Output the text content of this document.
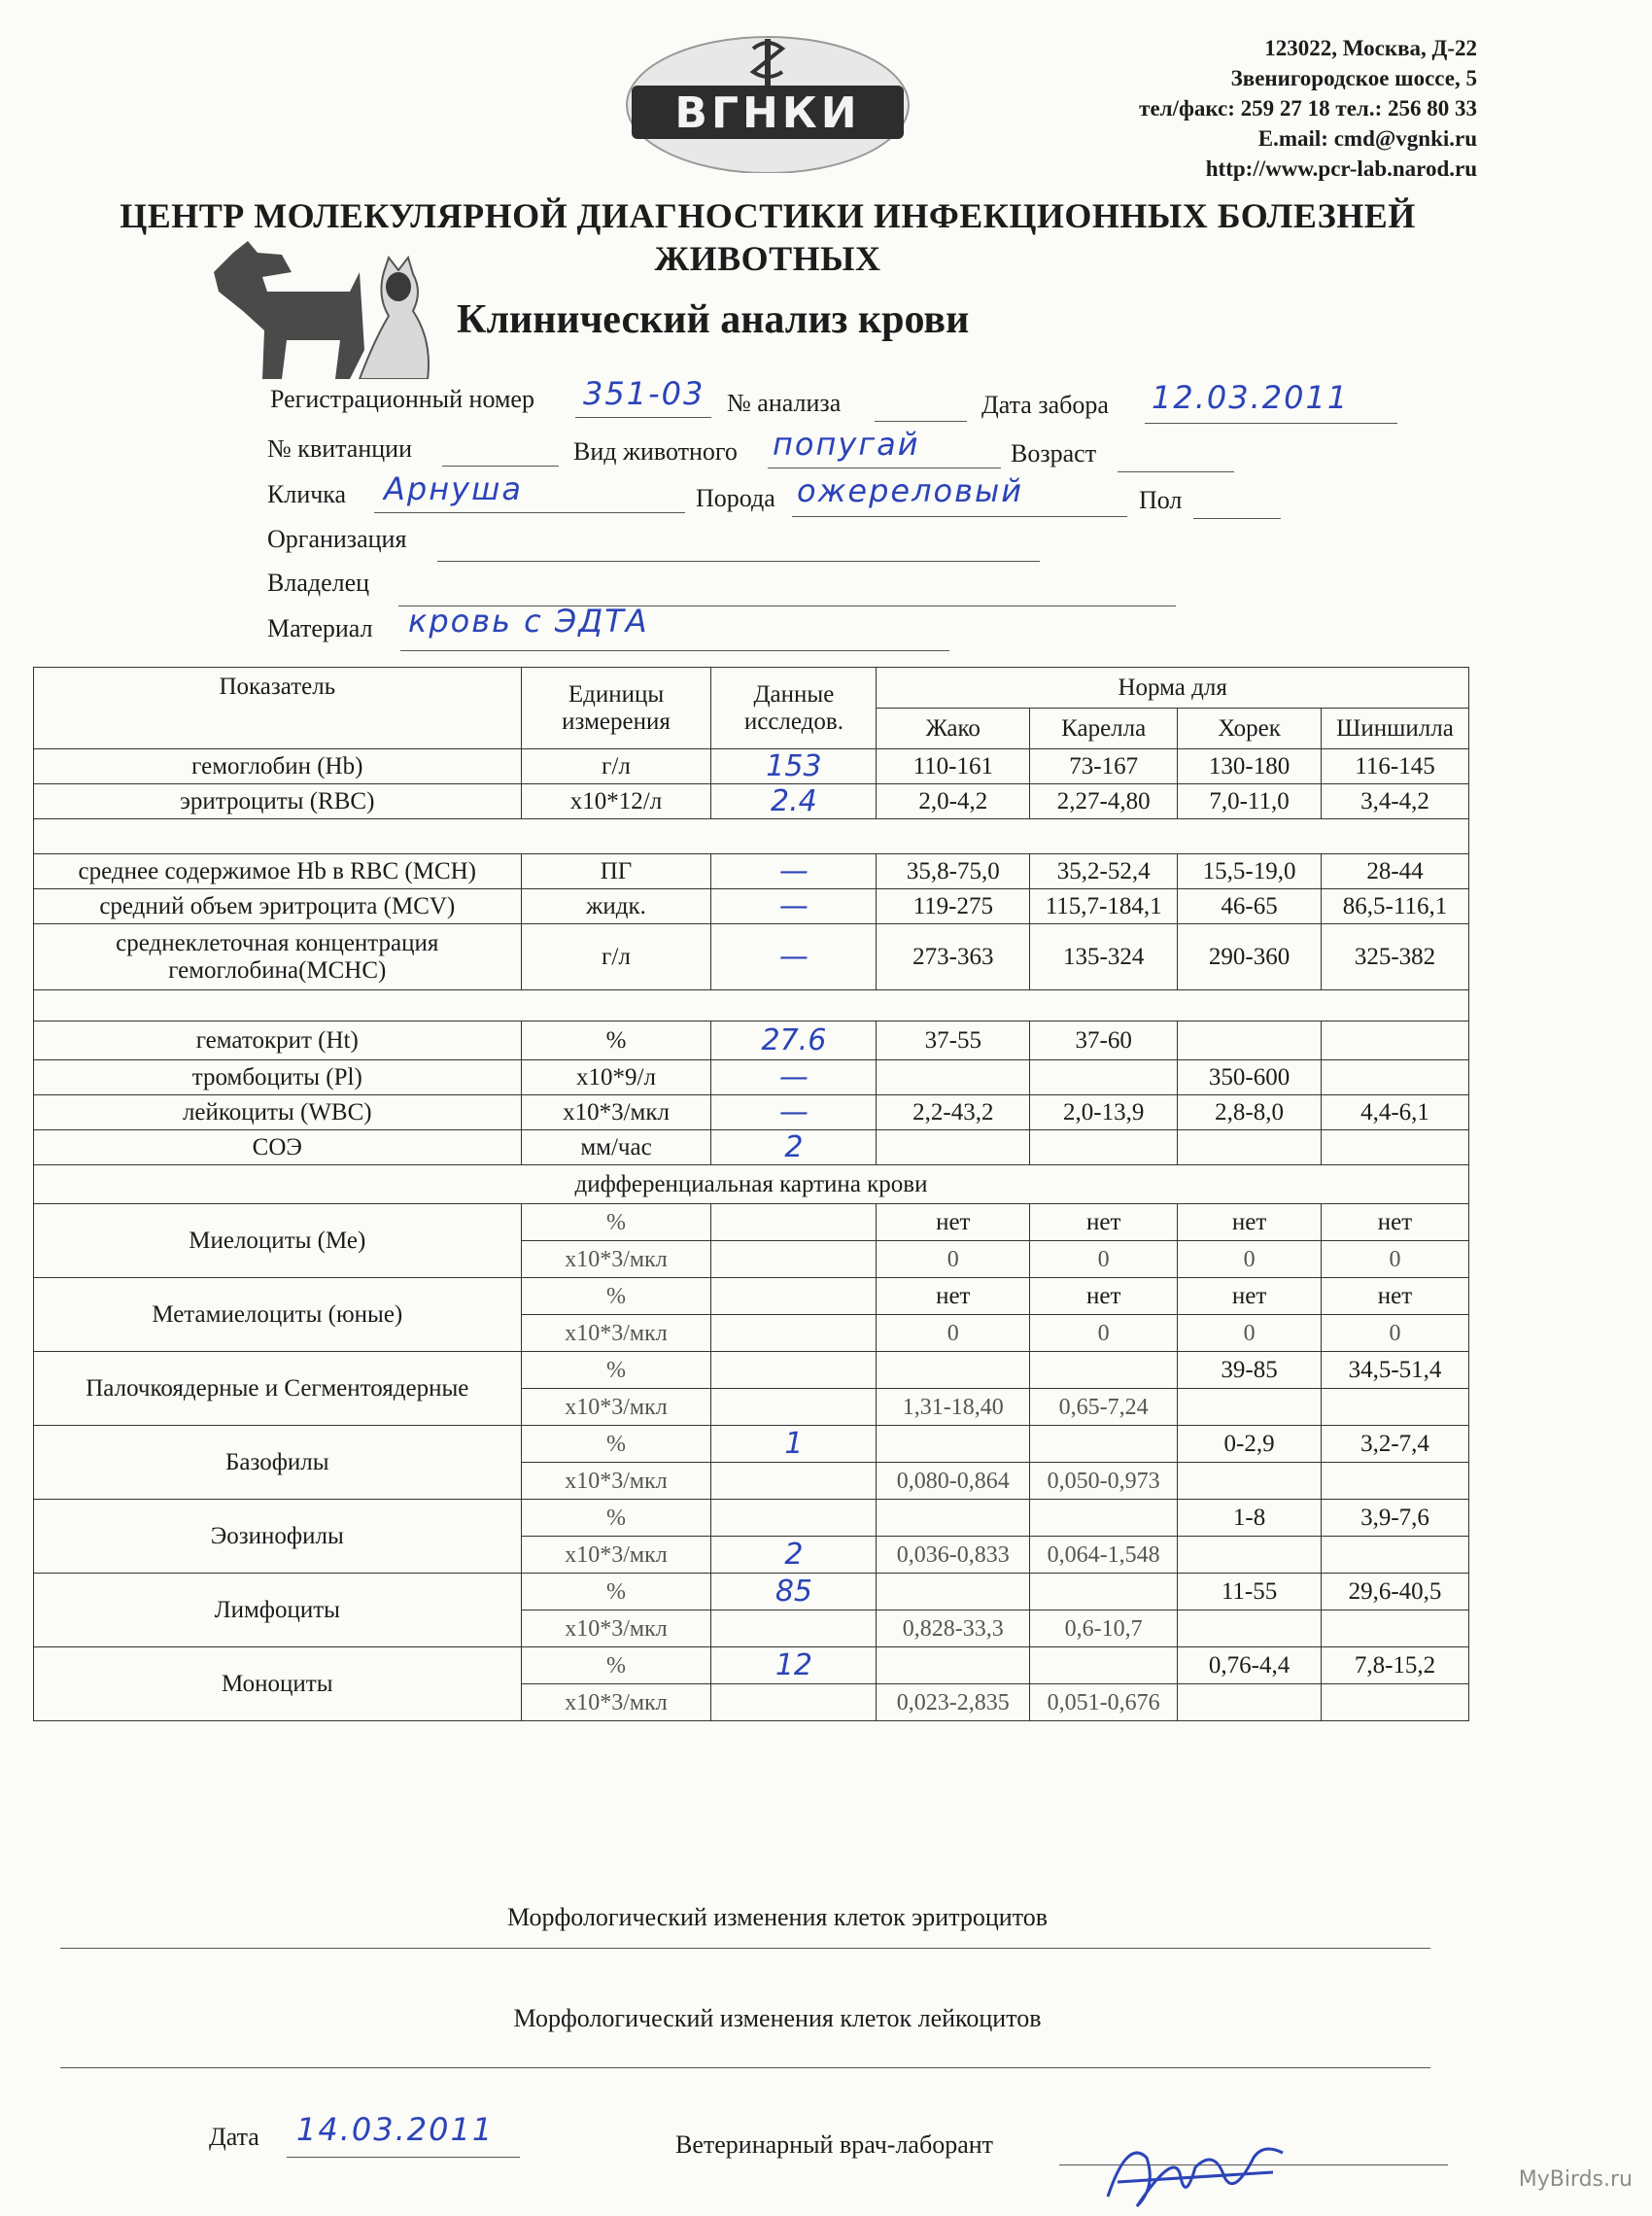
ВГНКИ
123022, Москва, Д-22
Звенигородское шоссе, 5
тел/факс: 259 27 18 тел.: 256 80 33
E.mail: cmd@vgnki.ru
http://www.pcr-lab.narod.ru
ЦЕНТР МОЛЕКУЛЯРНОЙ ДИАГНОСТИКИ ИНФЕКЦИОННЫХ БОЛЕЗНЕЙ
ЖИВОТНЫХ
Клинический анализ крови
Регистрационный номер 351-03 № анализа	Дата забора 12.03.2011
№ квитанции	Вид животного попугай	Возраст
Кличка Арнуша	Порода ожереловый	Пол
Организация
Владелец
Материал кровь с ЭДТА
Показатель	Единицы измерения	Данные исследов.	Норма для			
			Жако	Карелла	Хорек	Шиншилла
гемоглобин (Hb)	г/л	153	110-161	73-167	130-180	116-145
эритроциты (RBC)	x10*12/л	2.4	2,0-4,2	2,27-4,80	7,0-11,0	3,4-4,2

среднее содержимое Hb в RBC (MCH)	ПГ	—	35,8-75,0	35,2-52,4	15,5-19,0	28-44
средний объем эритроцита (MCV)	жидк.	—	119-275	115,7-184,1	46-65	86,5-116,1
среднеклеточная концентрация гемоглобина(MCHC)	г/л	—	273-363	135-324	290-360	325-382

гематокрит (Ht)	%	27.6	37-55	37-60		
тромбоциты (Pl)	x10*9/л	—			350-600	
лейкоциты (WBC)	x10*3/мкл	—	2,2-43,2	2,0-13,9	2,8-8,0	4,4-6,1
СОЭ	мм/час	2				
дифференциальная картина крови						
Миелоциты (Ме)	%		нет	нет	нет	нет
	x10*3/мкл		0	0	0	0
Метамиелоциты (юные)	%		нет	нет	нет	нет
	x10*3/мкл		0	0	0	0
Палочкоядерные и Сегментоядерные	%				39-85	34,5-51,4
	x10*3/мкл		1,31-18,40	0,65-7,24		
Базофилы	%	1			0-2,9	3,2-7,4
	x10*3/мкл		0,080-0,864	0,050-0,973		
Эозинофилы	%				1-8	3,9-7,6
	x10*3/мкл	2	0,036-0,833	0,064-1,548		
Лимфоциты	%	85			11-55	29,6-40,5
	x10*3/мкл		0,828-33,3	0,6-10,7		
Моноциты	%	12			0,76-4,4	7,8-15,2
	x10*3/мкл		0,023-2,835	0,051-0,676		
Морфологический изменения клеток эритроцитов
Морфологический изменения клеток лейкоцитов
Дата 14.03.2011	Ветеринарный врач-лаборант
MyBirds.ru
